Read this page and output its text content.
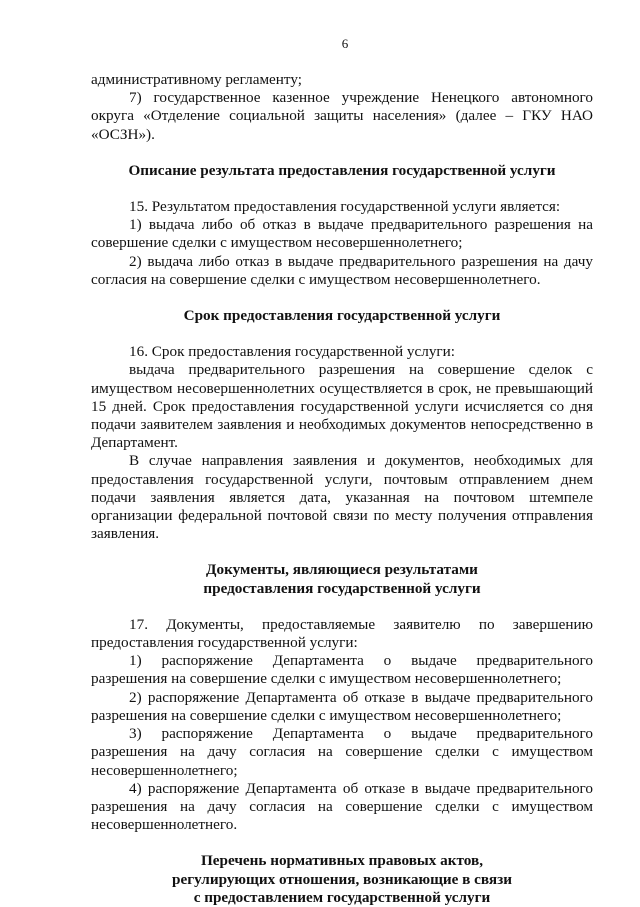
6

административному регламенту;

7) государственное казенное учреждение Ненецкого автономного округа «Отделение социальной защиты населения» (далее – ГКУ НАО «ОСЗН»).

Описание результата предоставления государственной услуги

15. Результатом предоставления государственной услуги является:

1) выдача либо об отказ в выдаче предварительного разрешения на совершение сделки с имуществом несовершеннолетнего;

2) выдача либо отказ в выдаче предварительного разрешения на дачу согласия на совершение сделки с имуществом несовершеннолетнего.

Срок предоставления государственной услуги

16. Срок предоставления государственной услуги:

выдача предварительного разрешения на совершение сделок с имуществом несовершеннолетних осуществляется в срок, не превышающий 15 дней. Срок предоставления государственной услуги исчисляется со дня подачи заявителем заявления и необходимых документов непосредственно в Департамент.

В случае направления заявления и документов, необходимых для предоставления государственной услуги, почтовым отправлением днем подачи заявления является дата, указанная на почтовом штемпеле организации федеральной почтовой связи по месту получения отправления заявления.

Документы, являющиеся результатами
предоставления государственной услуги

17. Документы, предоставляемые заявителю по завершению предоставления государственной услуги:

1) распоряжение Департамента о выдаче предварительного разрешения на совершение сделки с имуществом несовершеннолетнего;

2) распоряжение Департамента об отказе в выдаче предварительного разрешения на совершение сделки с имуществом несовершеннолетнего;

3) распоряжение Департамента о выдаче предварительного разрешения на дачу согласия на совершение сделки с имуществом несовершеннолетнего;

4) распоряжение Департамента об отказе в выдаче предварительного разрешения на дачу согласия на совершение сделки с имуществом несовершеннолетнего.

Перечень нормативных правовых актов,
регулирующих отношения, возникающие в связи
с предоставлением государственной услуги
